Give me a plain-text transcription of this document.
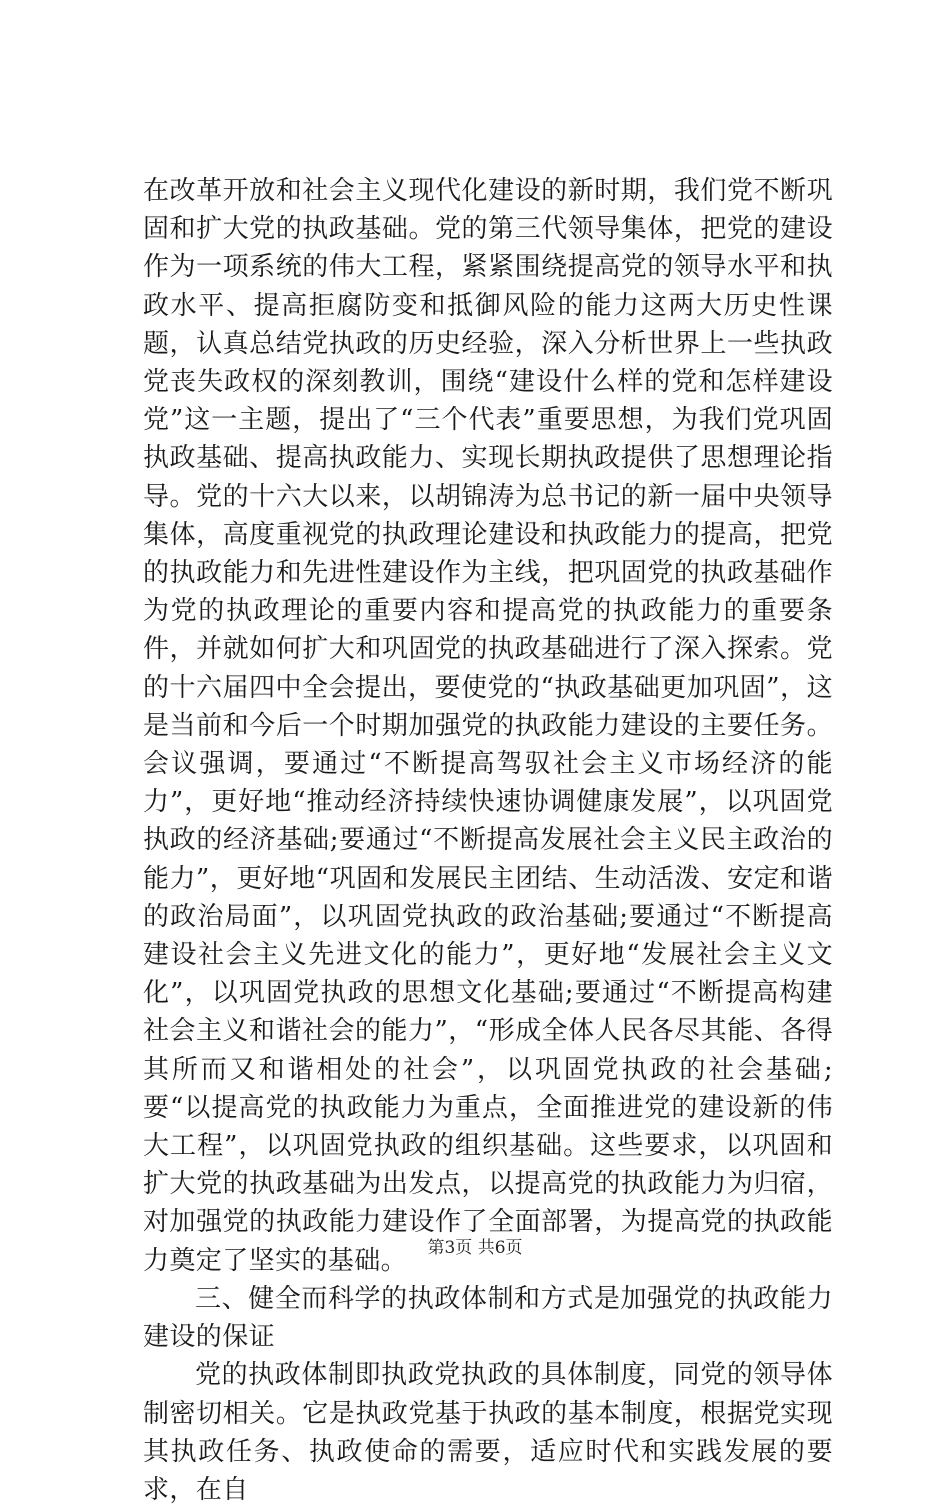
在改革开放和社会主义现代化建设的新时期，我们党不断巩固和扩大党的执政基础。党的第三代领导集体，把党的建设作为一项系统的伟大工程，紧紧围绕提高党的领导水平和执政水平、提高拒腐防变和抵御风险的能力这两大历史性课题，认真总结党执政的历史经验，深入分析世界上一些执政党丧失政权的深刻教训，围绕“建设什么样的党和怎样建设党”这一主题，提出了“三个代表”重要思想，为我们党巩固执政基础、提高执政能力、实现长期执政提供了思想理论指导。党的十六大以来，以胡锦涛为总书记的新一届中央领导集体，高度重视党的执政理论建设和执政能力的提高，把党的执政能力和先进性建设作为主线，把巩固党的执政基础作为党的执政理论的重要内容和提高党的执政能力的重要条件，并就如何扩大和巩固党的执政基础进行了深入探索。党的十六届四中全会提出，要使党的“执政基础更加巩固”，这是当前和今后一个时期加强党的执政能力建设的主要任务。会议强调，要通过“不断提高驾驭社会主义市场经济的能力”，更好地“推动经济持续快速协调健康发展”，以巩固党执政的经济基础;要通过“不断提高发展社会主义民主政治的能力”，更好地“巩固和发展民主团结、生动活泼、安定和谐的政治局面”，以巩固党执政的政治基础;要通过“不断提高建设社会主义先进文化的能力”，更好地“发展社会主义文化”，以巩固党执政的思想文化基础;要通过“不断提高构建社会主义和谐社会的能力”，“形成全体人民各尽其能、各得其所而又和谐相处的社会”，以巩固党执政的社会基础;要“以提高党的执政能力为重点，全面推进党的建设新的伟大工程”，以巩固党执政的组织基础。这些要求，以巩固和扩大党的执政基础为出发点，以提高党的执政能力为归宿，对加强党的执政能力建设作了全面部署，为提高党的执政能力奠定了坚实的基础。

三、健全而科学的执政体制和方式是加强党的执政能力建设的保证

党的执政体制即执政党执政的具体制度，同党的领导体制密切相关。它是执政党基于执政的基本制度，根据党实现其执政任务、执政使命的需要，适应时代和实践发展的要求，在自

第3页 共6页
